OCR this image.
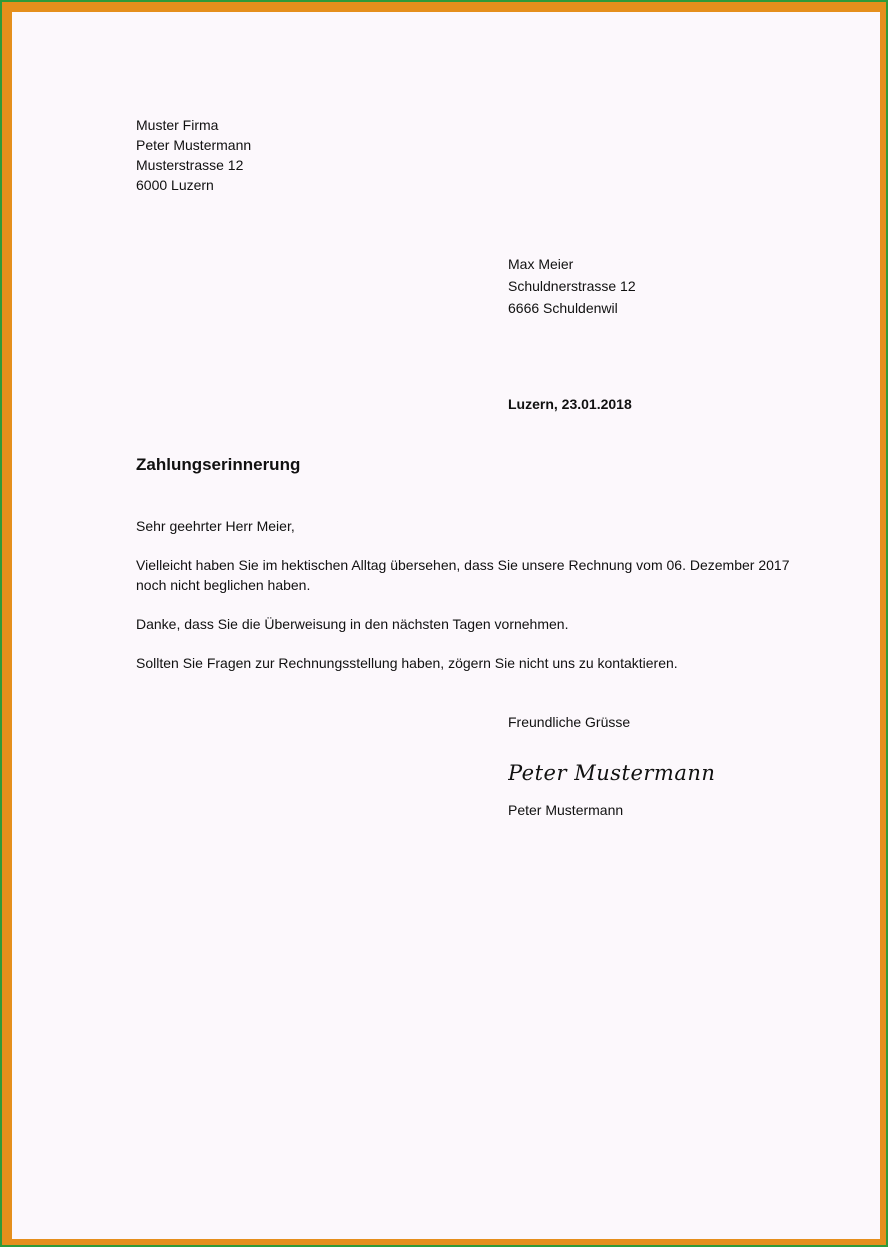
Muster Firma
Peter Mustermann
Musterstrasse 12
6000 Luzern
Max Meier
Schuldnerstrasse 12
6666 Schuldenwil
Luzern, 23.01.2018
Zahlungserinnerung
Sehr geehrter Herr Meier,
Vielleicht haben Sie im hektischen Alltag übersehen, dass Sie unsere Rechnung vom 06. Dezember 2017 noch nicht beglichen haben.
Danke, dass Sie die Überweisung in den nächsten Tagen vornehmen.
Sollten Sie Fragen zur Rechnungsstellung haben, zögern Sie nicht uns zu kontaktieren.
Freundliche Grüsse
Peter Mustermann
Peter Mustermann
